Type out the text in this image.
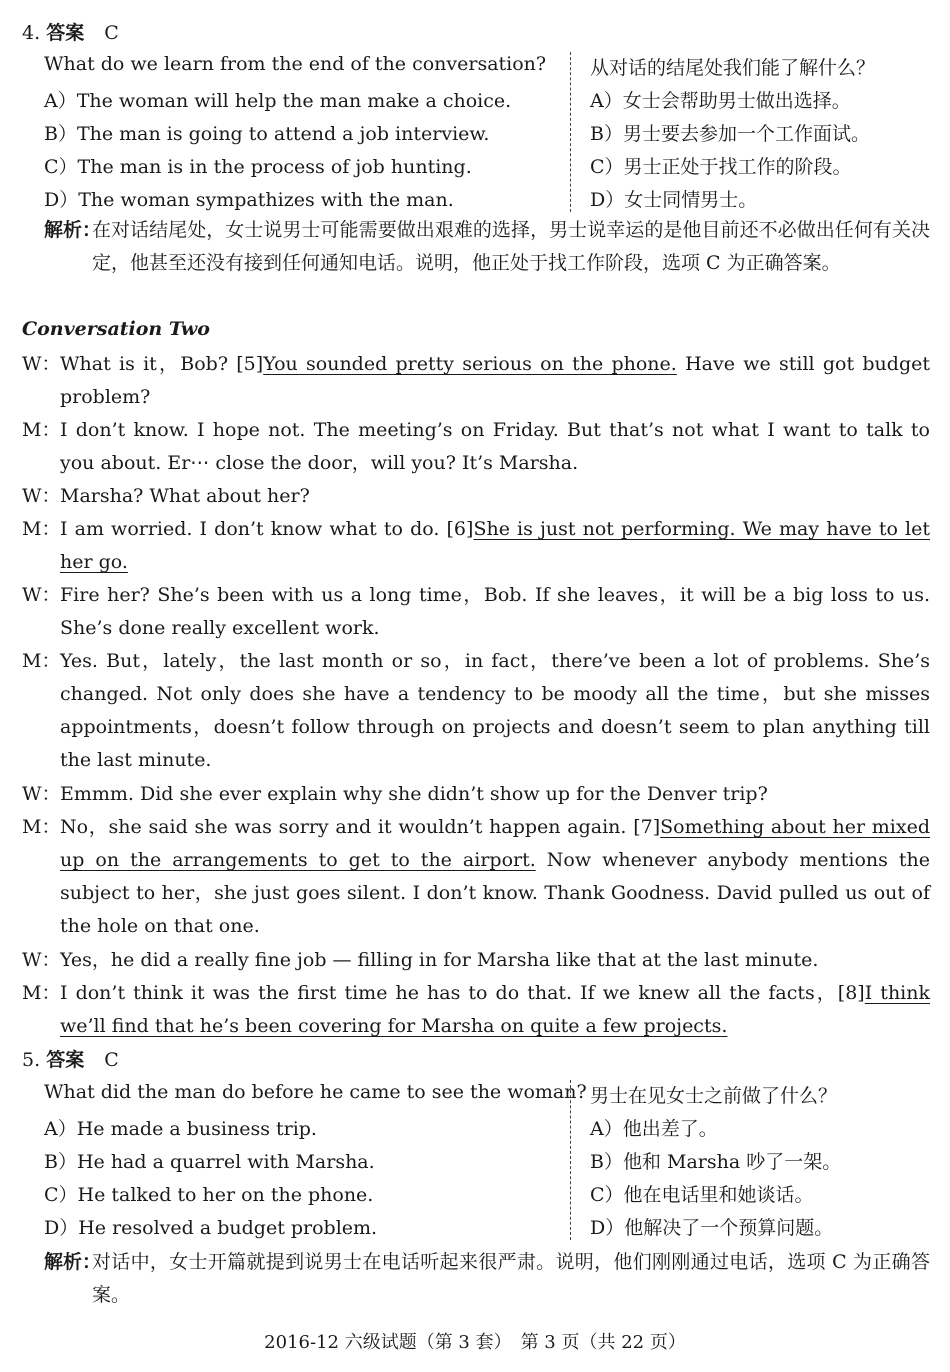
4. 答案 C
What do we learn from the end of the conversation?
A）The woman will help the man make a choice.
B）The man is going to attend a job interview.
C）The man is in the process of job hunting.
D）The woman sympathizes with the man.
从对话的结尾处我们能了解什么？
A）女士会帮助男士做出选择。
B）男士要去参加一个工作面试。
C）男士正处于找工作的阶段。
D）女士同情男士。
解析：
在对话结尾处，女士说男士可能需要做出艰难的选择，男士说幸运的是他目前还不必做出任何有关决定，他甚至还没有接到任何通知电话。说明，他正处于找工作阶段，选项 C 为正确答案。
Conversation Two
W： What is it，Bob? [5]You sounded pretty serious on the phone. Have we still got budget problem?
M： I don’t know. I hope not. The meeting’s on Friday. But that’s not what I want to talk to you about. Er⋯ close the door，will you? It’s Marsha.
W： Marsha? What about her?
M： I am worried. I don’t know what to do. [6]She is just not performing. We may have to let her go.
W： Fire her? She’s been with us a long time，Bob. If she leaves，it will be a big loss to us. She’s done really excellent work.
M： Yes. But，lately，the last month or so，in fact，there’ve been a lot of problems. She’s changed. Not only does she have a tendency to be moody all the time，but she misses appointments，doesn’t follow through on projects and doesn’t seem to plan anything till the last minute.
W： Emmm. Did she ever explain why she didn’t show up for the Denver trip?
M： No，she said she was sorry and it wouldn’t happen again. [7]Something about her mixed up on the arrangements to get to the airport. Now whenever anybody mentions the subject to her，she just goes silent. I don’t know. Thank Goodness. David pulled us out of the hole on that one.
W： Yes，he did a really fine job — filling in for Marsha like that at the last minute.
M： I don’t think it was the first time he has to do that. If we knew all the facts，[8]I think we’ll find that he’s been covering for Marsha on quite a few projects.
5. 答案 C
What did the man do before he came to see the woman?
A）He made a business trip.
B）He had a quarrel with Marsha.
C）He talked to her on the phone.
D）He resolved a budget problem.
男士在见女士之前做了什么？
A）他出差了。
B）他和 Marsha 吵了一架。
C）他在电话里和她谈话。
D）他解决了一个预算问题。
解析：
对话中，女士开篇就提到说男士在电话听起来很严肃。说明，他们刚刚通过电话，选项 C 为正确答案。
2016-12 六级试题（第 3 套）　第 3 页（共 22 页）
